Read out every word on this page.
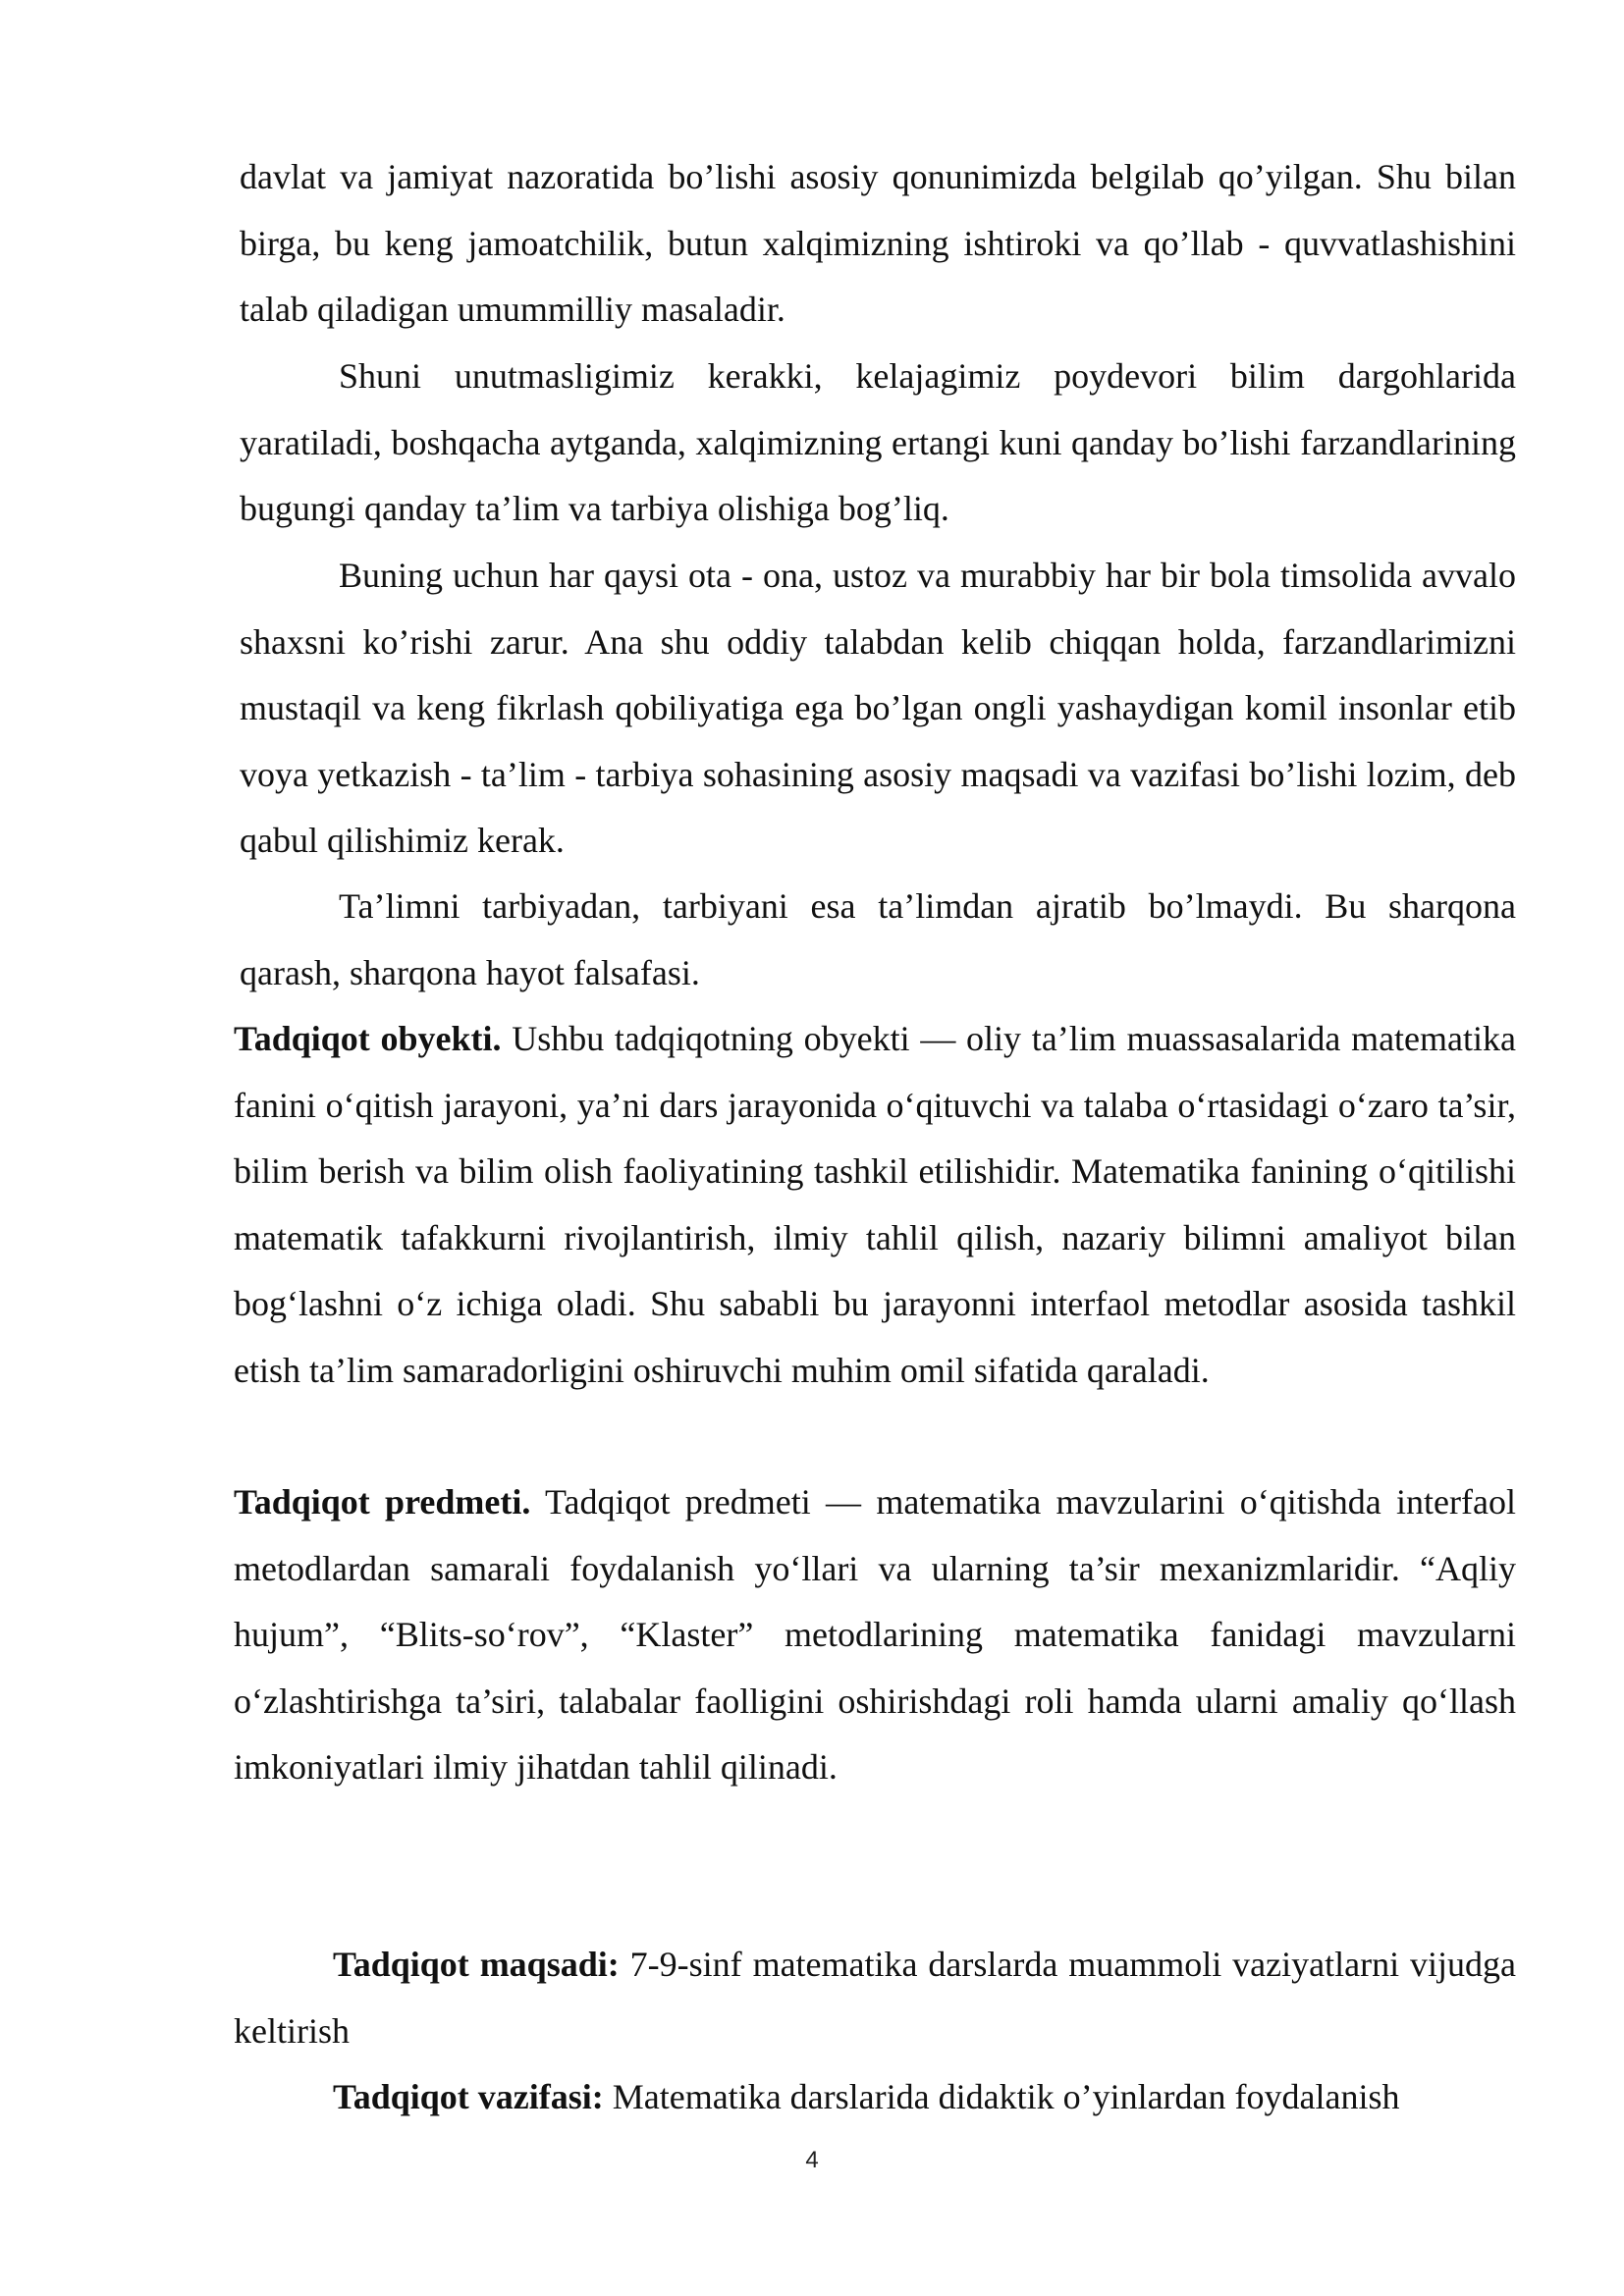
davlat va jamiyat nazoratida bo’lishi asosiy qonunimizda belgilab qo’yilgan. Shu bilan birga, bu keng jamoatchilik, butun xalqimizning ishtiroki va qo’llab - quvvatlashishini talab qiladigan umummilliy masaladir.

Shuni unutmasligimiz kerakki, kelajagimiz poydevori bilim dargohlarida yaratiladi, boshqacha aytganda, xalqimizning ertangi kuni qanday bo’lishi farzandlarining bugungi qanday ta’lim va tarbiya olishiga bog’liq.

Buning uchun har qaysi ota - ona, ustoz va murabbiy har bir bola timsolida avvalo shaxsni ko’rishi zarur. Ana shu oddiy talabdan kelib chiqqan holda, farzandlarimizni mustaqil va keng fikrlash qobiliyatiga ega bo’lgan ongli yashaydigan komil insonlar etib voya yetkazish - ta’lim - tarbiya sohasining asosiy maqsadi va vazifasi bo’lishi lozim, deb qabul qilishimiz kerak.

Ta’limni tarbiyadan, tarbiyani esa ta’limdan ajratib bo’lmaydi. Bu sharqona qarash, sharqona hayot falsafasi.

Tadqiqot obyekti. Ushbu tadqiqotning obyekti — oliy ta’lim muassasalarida matematika fanini o‘qitish jarayoni, ya’ni dars jarayonida o‘qituvchi va talaba o‘rtasidagi o‘zaro ta’sir, bilim berish va bilim olish faoliyatining tashkil etilishidir. Matematika fanining o‘qitilishi matematik tafakkurni rivojlantirish, ilmiy tahlil qilish, nazariy bilimni amaliyot bilan bog‘lashni o‘z ichiga oladi. Shu sababli bu jarayonni interfaol metodlar asosida tashkil etish ta’lim samaradorligini oshiruvchi muhim omil sifatida qaraladi.

Tadqiqot predmeti. Tadqiqot predmeti — matematika mavzularini o‘qitishda interfaol metodlardan samarali foydalanish yo‘llari va ularning ta’sir mexanizmlaridir. “Aqliy hujum”, “Blits-so‘rov”, “Klaster” metodlarining matematika fanidagi mavzularni o‘zlashtirishga ta’siri, talabalar faolligini oshirishdagi roli hamda ularni amaliy qo‘llash imkoniyatlari ilmiy jihatdan tahlil qilinadi.

Tadqiqot maqsadi: 7-9-sinf matematika darslarda muammoli vaziyatlarni vijudga keltirish

Tadqiqot vazifasi: Matematika darslarida didaktik o’yinlardan foydalanish

4
